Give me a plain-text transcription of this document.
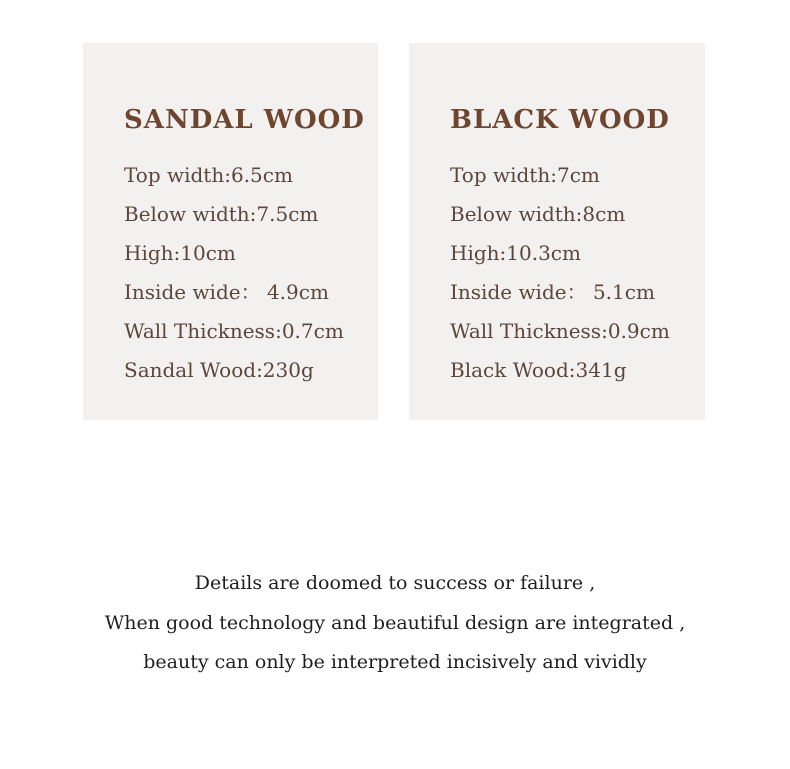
SANDAL WOOD
Top width:6.5cm
Below width:7.5cm
High:10cm
Inside wide： 4.9cm
Wall Thickness:0.7cm
Sandal Wood:230g
BLACK WOOD
Top width:7cm
Below width:8cm
High:10.3cm
Inside wide： 5.1cm
Wall Thickness:0.9cm
Black Wood:341g
Details are doomed to success or failure ,
When good technology and beautiful design are integrated ,
beauty can only be interpreted incisively and vividly
